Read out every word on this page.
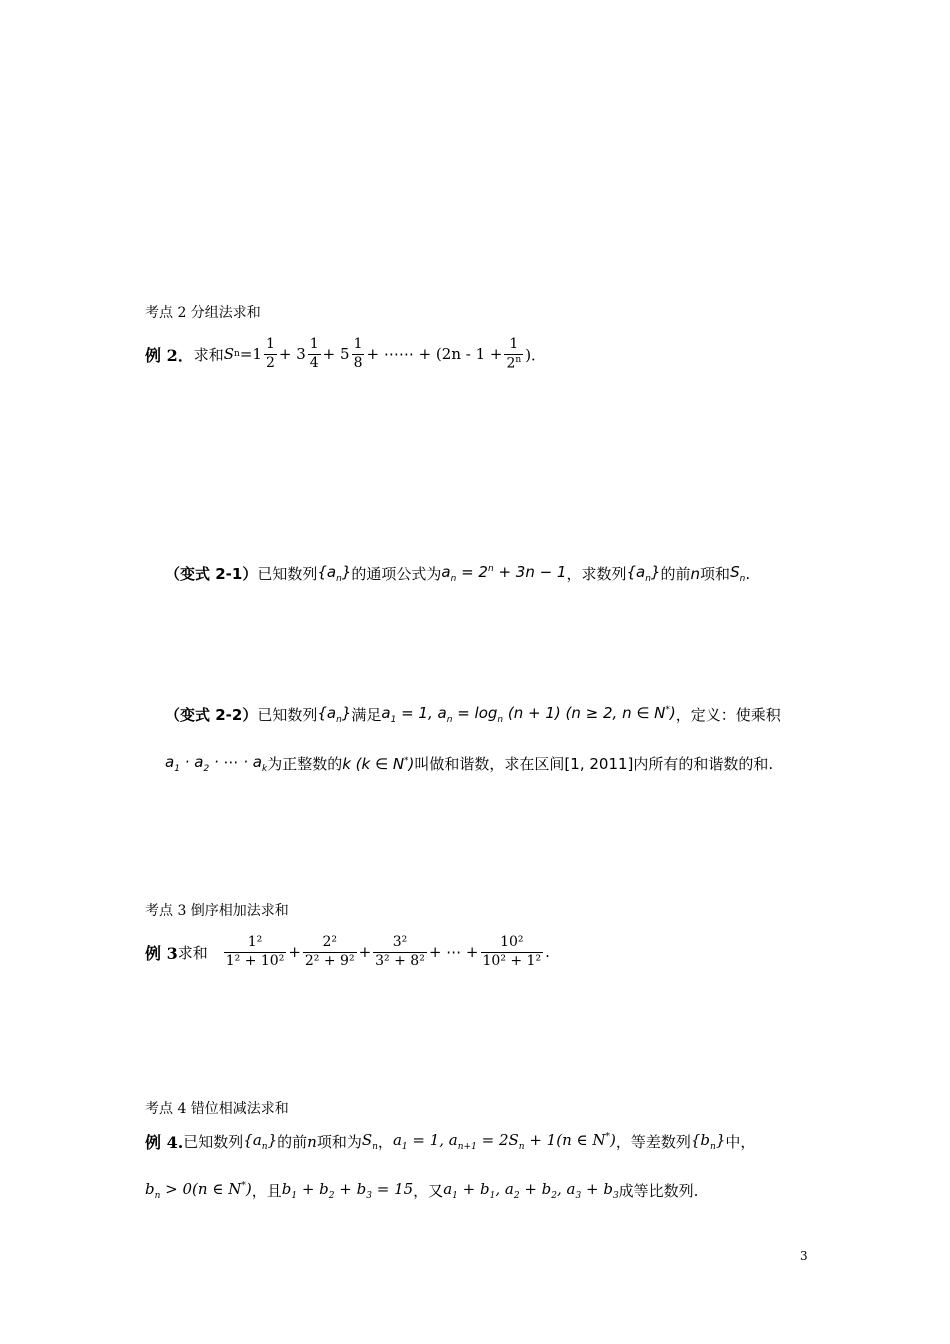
考点 2 分组法求和
例 2． 求和 S $n =1 \frac{1}{2} + 3 \frac{1}{4} + 5 \frac{1}{8}$ + ⋯⋯ + ($2n - 1 + \frac{1}{2^n}$ )．
（变式 2-1） 已知数列 $\{a_n\}$ 的通项公式为 $a_n = 2^n + 3n - 1$ ，求数列 $\{a_n\}$ 的前 n 项和 $S_n$ .
（变式 2-2） 已知数列 $\{a_n\}$ 满足 $a_1 = 1$, $a_n = \log_n (n + 1) (n \ge 2$, n ∈ N*) ，定义：使乘积
$a_1 \cdot a_2$ · ⋯ · $a_k$ 为正整数的 k (k ∈ N*) 叫做和谐数，求在区间 [1, 2011] 内所有的和谐数的和.
考点 3 倒序相加法求和
例 3 求和 $\frac{\text{1²}}{\text{1² + 10²}} + \frac{\text{2²}}{\text{2² + 9²}} + \frac{\text{3²}}{\text{3² + 8²}}$ + ⋯ + $\frac{\text{10²}}{\text{10² + 1²}}$ .
考点 4 错位相减法求和
例 4. 已知数列 $\{a_n\}$ 的前 n 项和为 $S_n$ ， $a_1 = 1$, $a_{n+1} = 2S_n + 1(n$ ∈ N*) ，等差数列 $\{b_n\}$ 中，
$b_n > 0(n$ ∈ N*) ，且 $b_1 + b_2 + b_3 = 15$ ，又 $a_1 + b_1$, $a_2 + b_2$, $a_3 + b_3$ 成等比数列.
3
